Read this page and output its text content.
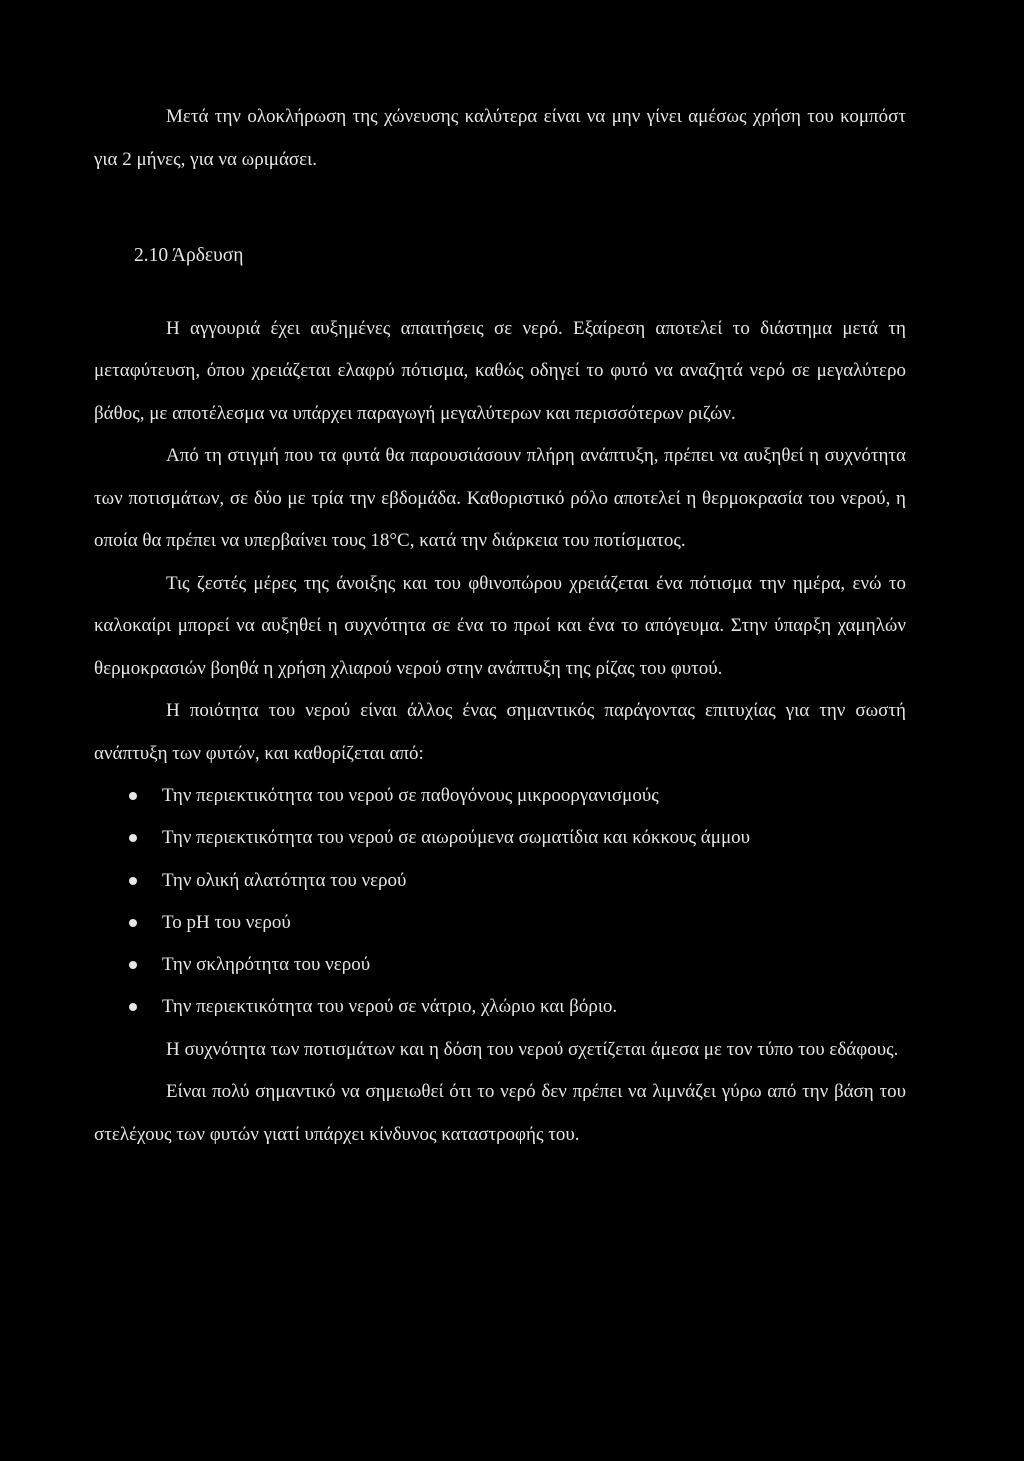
Μετά την ολοκλήρωση της χώνευσης καλύτερα είναι να μην γίνει αμέσως χρήση του κομπόστ για 2 μήνες, για να ωριμάσει.

2.10 Άρδευση

Η αγγουριά έχει αυξημένες απαιτήσεις σε νερό. Εξαίρεση αποτελεί το διάστημα μετά τη μεταφύτευση, όπου χρειάζεται ελαφρύ πότισμα, καθώς οδηγεί το φυτό να αναζητά νερό σε μεγαλύτερο βάθος, με αποτέλεσμα να υπάρχει παραγωγή μεγαλύτερων και περισσότερων ριζών.

Από τη στιγμή που τα φυτά θα παρουσιάσουν πλήρη ανάπτυξη, πρέπει να αυξηθεί η συχνότητα των ποτισμάτων, σε δύο με τρία την εβδομάδα. Καθοριστικό ρόλο αποτελεί η θερμοκρασία του νερού, η οποία θα πρέπει να υπερβαίνει τους 18°C, κατά την διάρκεια του ποτίσματος.

Τις ζεστές μέρες της άνοιξης και του φθινοπώρου χρειάζεται ένα πότισμα την ημέρα, ενώ το καλοκαίρι μπορεί να αυξηθεί η συχνότητα σε ένα το πρωί και ένα το απόγευμα. Στην ύπαρξη χαμηλών θερμοκρασιών βοηθά η χρήση χλιαρού νερού στην ανάπτυξη της ρίζας του φυτού.

Η ποιότητα του νερού είναι άλλος ένας σημαντικός παράγοντας επιτυχίας για την σωστή ανάπτυξη των φυτών, και καθορίζεται από:

Την περιεκτικότητα του νερού σε παθογόνους μικροοργανισμούς
Την περιεκτικότητα του νερού σε αιωρούμενα σωματίδια και κόκκους άμμου
Την ολική αλατότητα του νερού
Το pH του νερού
Την σκληρότητα του νερού
Την περιεκτικότητα του νερού σε νάτριο, χλώριο και βόριο.

Η συχνότητα των ποτισμάτων και η δόση του νερού σχετίζεται άμεσα με τον τύπο του εδάφους.

Είναι πολύ σημαντικό να σημειωθεί ότι το νερό δεν πρέπει να λιμνάζει γύρω από την βάση του στελέχους των φυτών γιατί υπάρχει κίνδυνος καταστροφής του.
